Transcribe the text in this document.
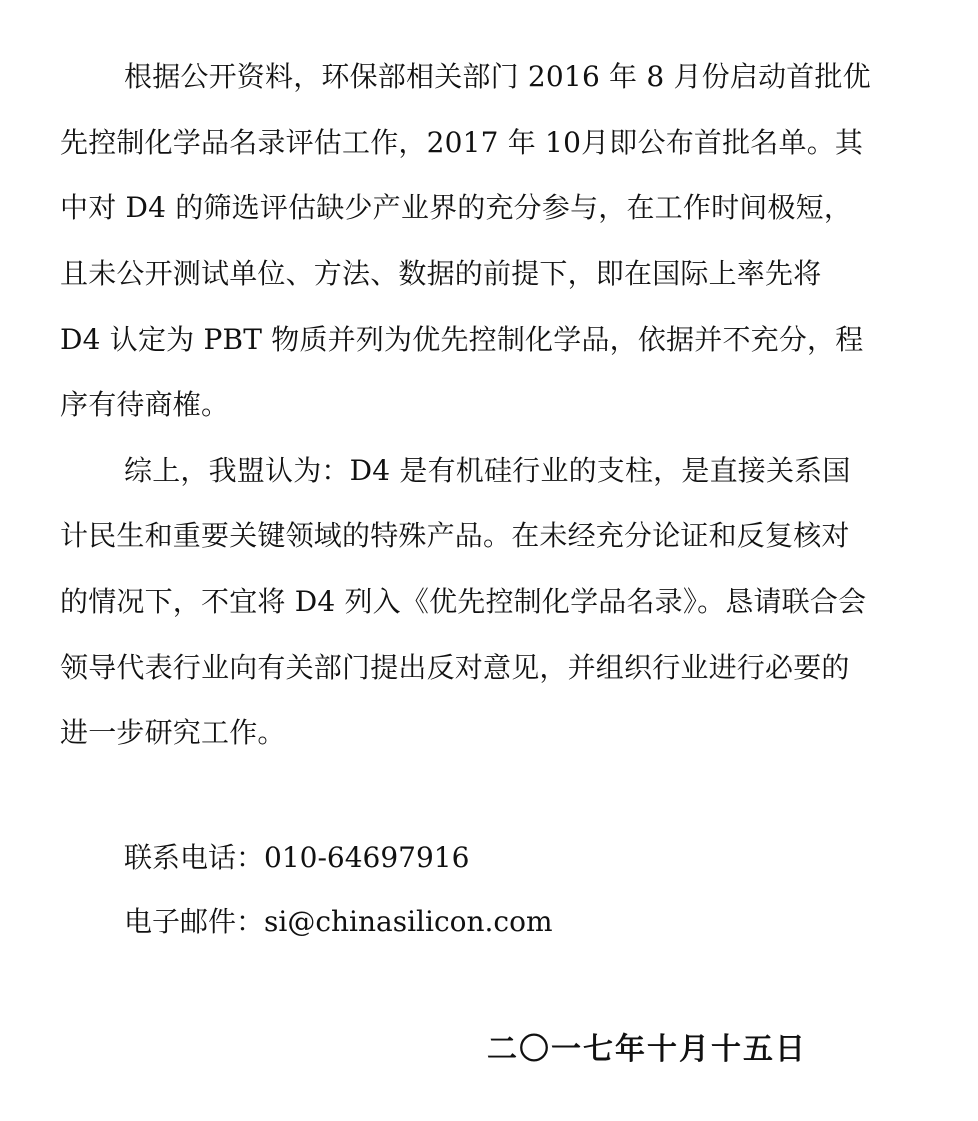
根据公开资料，环保部相关部门 2016 年 8 月份启动首批优
先控制化学品名录评估工作，2017 年 10月即公布首批名单。其
中对 D4 的筛选评估缺少产业界的充分参与，在工作时间极短，
且未公开测试单位、方法、数据的前提下，即在国际上率先将
D4 认定为 PBT 物质并列为优先控制化学品，依据并不充分，程
序有待商榷。
综上，我盟认为：D4 是有机硅行业的支柱，是直接关系国
计民生和重要关键领域的特殊产品。在未经充分论证和反复核对
的情况下，不宜将 D4 列入《优先控制化学品名录》。恳请联合会
领导代表行业向有关部门提出反对意见，并组织行业进行必要的
进一步研究工作。
联系电话：010-64697916
电子邮件：si@chinasilicon.com
二〇一七年十月十五日
